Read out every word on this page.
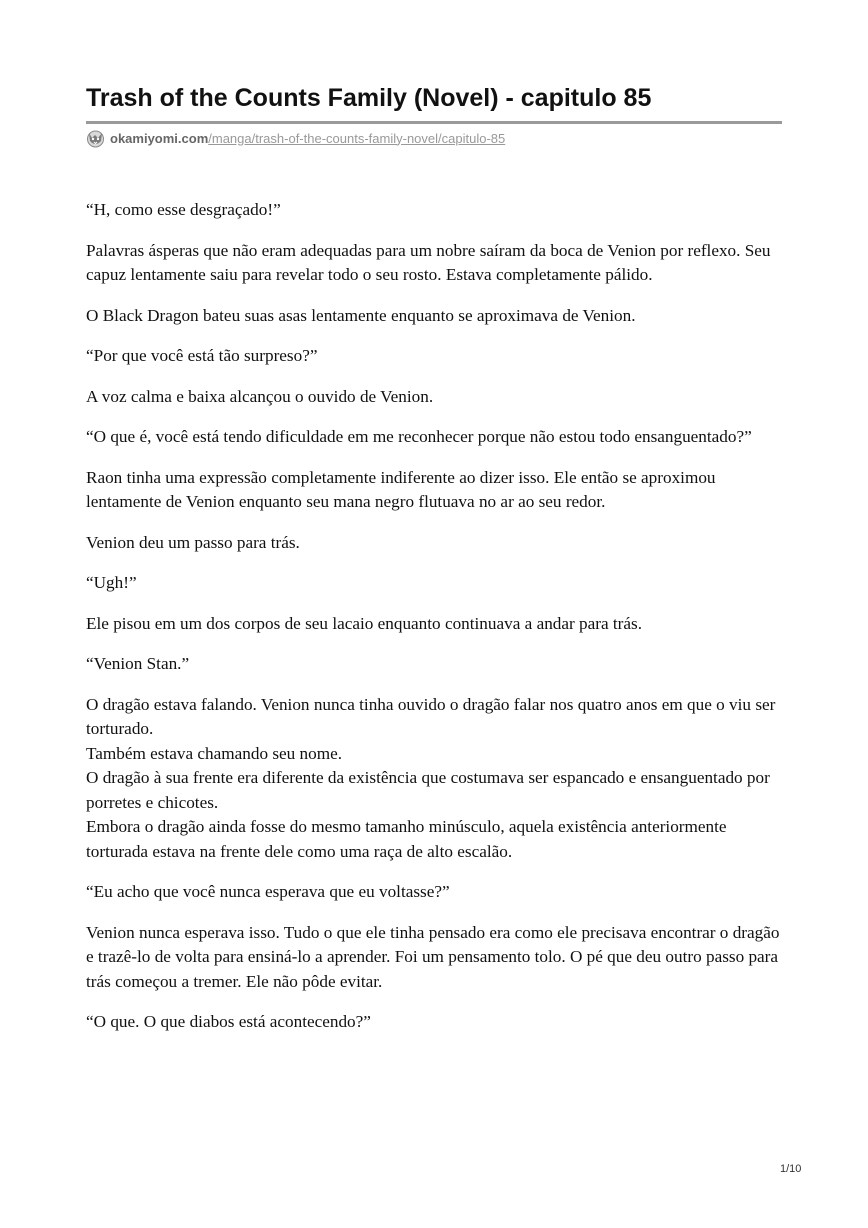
Trash of the Counts Family (Novel) - capitulo 85
okamiyomi.com/manga/trash-of-the-counts-family-novel/capitulo-85

“H, como esse desgraçado!”

Palavras ásperas que não eram adequadas para um nobre saíram da boca de Venion por reflexo. Seu capuz lentamente saiu para revelar todo o seu rosto. Estava completamente pálido.

O Black Dragon bateu suas asas lentamente enquanto se aproximava de Venion.

“Por que você está tão surpreso?”

A voz calma e baixa alcançou o ouvido de Venion.

“O que é, você está tendo dificuldade em me reconhecer porque não estou todo ensanguentado?”

Raon tinha uma expressão completamente indiferente ao dizer isso. Ele então se aproximou lentamente de Venion enquanto seu mana negro flutuava no ar ao seu redor.

Venion deu um passo para trás.

“Ugh!”

Ele pisou em um dos corpos de seu lacaio enquanto continuava a andar para trás.

“Venion Stan.”

O dragão estava falando. Venion nunca tinha ouvido o dragão falar nos quatro anos em que o viu ser torturado.

Também estava chamando seu nome.

O dragão à sua frente era diferente da existência que costumava ser espancado e ensanguentado por porretes e chicotes.

Embora o dragão ainda fosse do mesmo tamanho minúsculo, aquela existência anteriormente torturada estava na frente dele como uma raça de alto escalão.

“Eu acho que você nunca esperava que eu voltasse?”

Venion nunca esperava isso. Tudo o que ele tinha pensado era como ele precisava encontrar o dragão e trazê-lo de volta para ensiná-lo a aprender. Foi um pensamento tolo. O pé que deu outro passo para trás começou a tremer. Ele não pôde evitar.

“O que. O que diabos está acontecendo?”

1/10
